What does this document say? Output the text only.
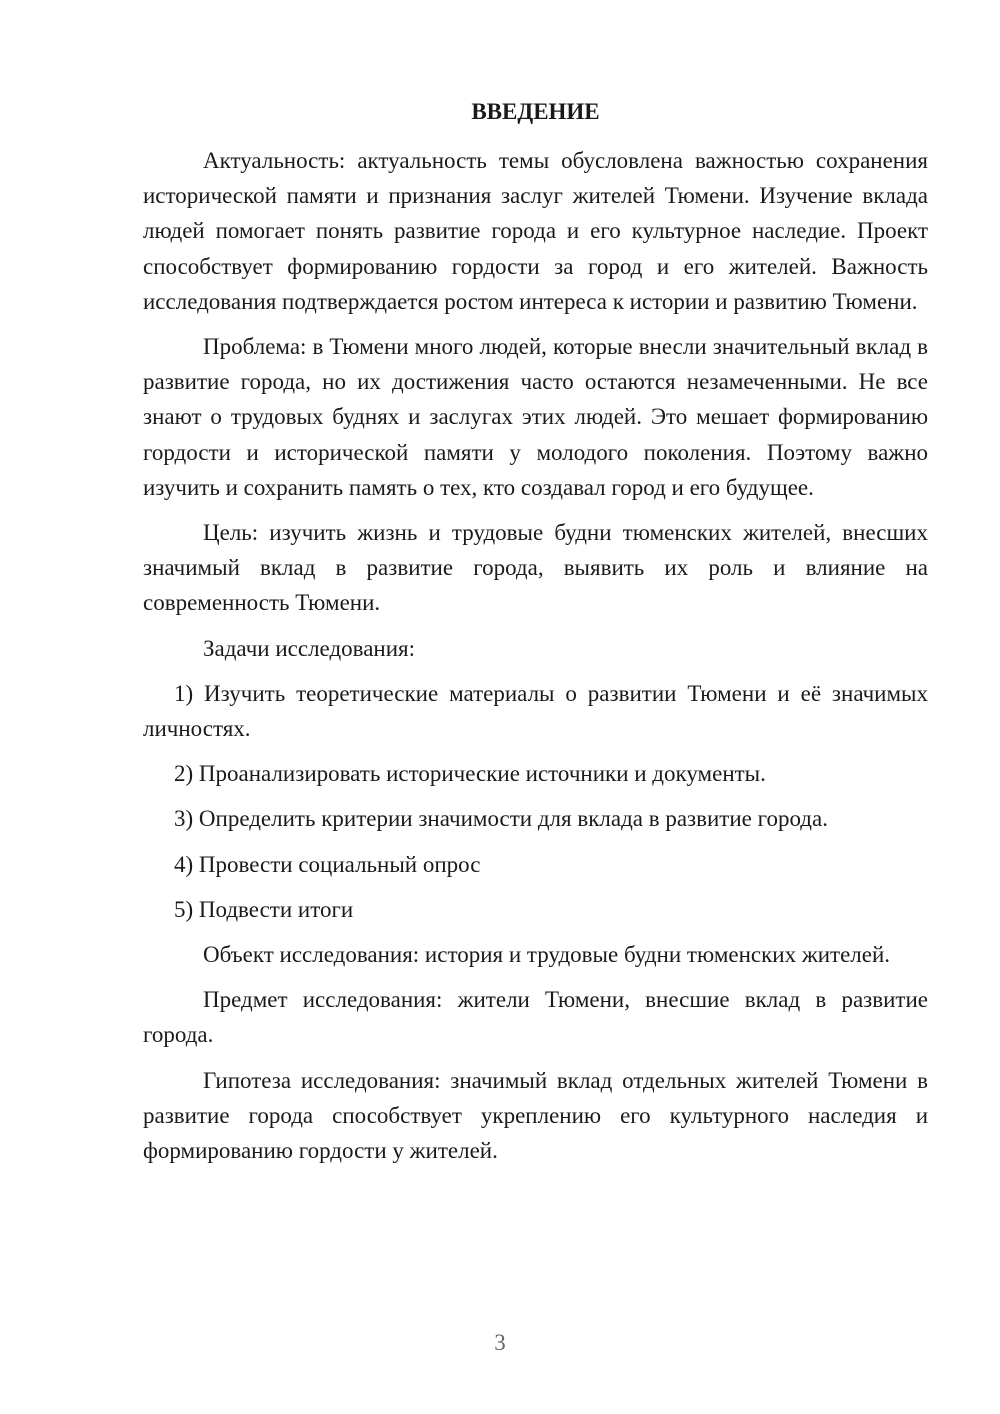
ВВЕДЕНИЕ

Актуальность: актуальность темы обусловлена важностью сохранения исторической памяти и признания заслуг жителей Тюмени. Изучение вклада людей помогает понять развитие города и его культурное наследие. Проект способствует формированию гордости за город и его жителей. Важность исследования подтверждается ростом интереса к истории и развитию Тюмени.

Проблема: в Тюмени много людей, которые внесли значительный вклад в развитие города, но их достижения часто остаются незамеченными. Не все знают о трудовых буднях и заслугах этих людей. Это мешает формированию гордости и исторической памяти у молодого поколения. Поэтому важно изучить и сохранить память о тех, кто создавал город и его будущее.

Цель: изучить жизнь и трудовые будни тюменских жителей, внесших значимый вклад в развитие города, выявить их роль и влияние на современность Тюмени.

Задачи исследования:

1) Изучить теоретические материалы о развитии Тюмени и её значимых личностях.

2) Проанализировать исторические источники и документы.

3) Определить критерии значимости для вклада в развитие города.

4) Провести социальный опрос

5) Подвести итоги

Объект исследования: история и трудовые будни тюменских жителей.

Предмет исследования: жители Тюмени, внесшие вклад в развитие города.

Гипотеза исследования: значимый вклад отдельных жителей Тюмени в развитие города способствует укреплению его культурного наследия и формированию гордости у жителей.

3
